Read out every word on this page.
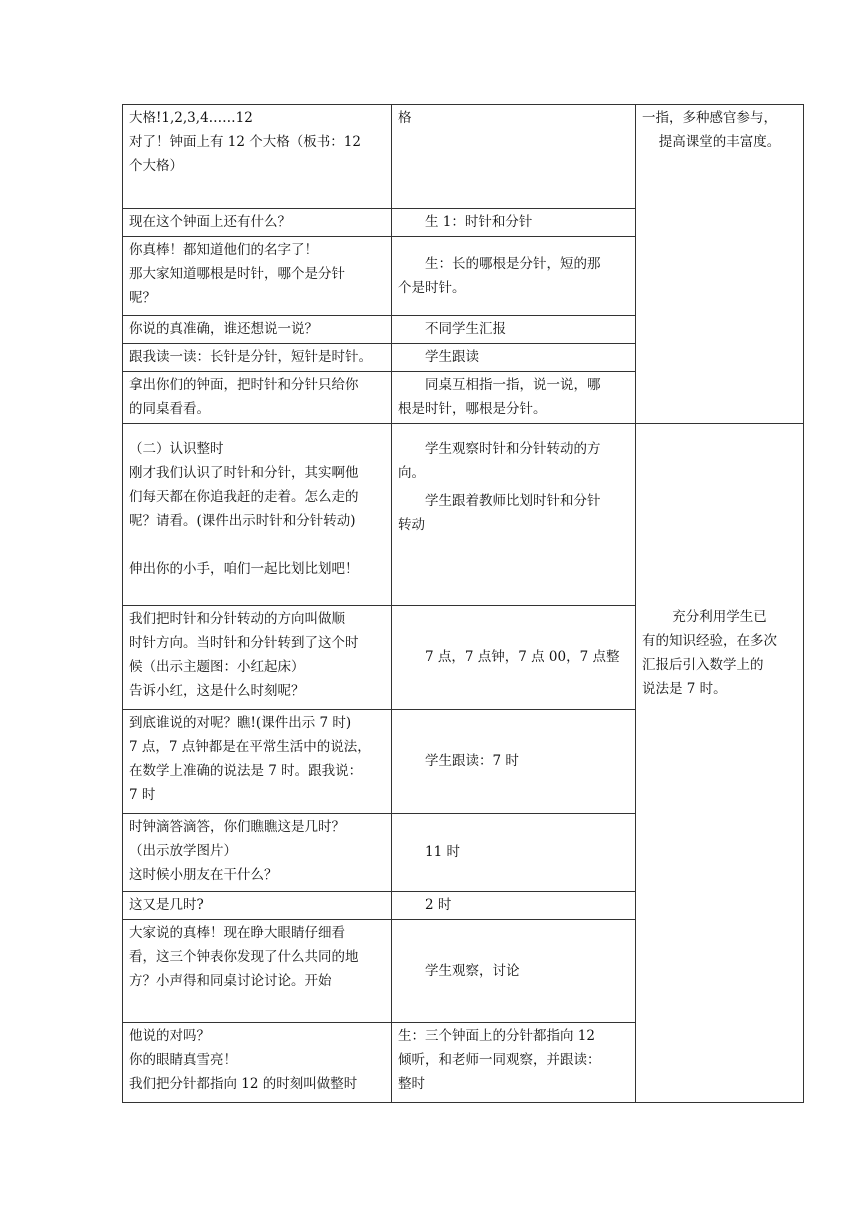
大格!1,2,3,4……12
对了！钟面上有 12 个大格（板书：12
个大格）	格	一指，多种感官参与，
提高课堂的丰富度。

现在这个钟面上还有什么？	生 1：时针和分针	

你真棒！都知道他们的名字了！
那大家知道哪根是时针，哪个是分针
呢？	生：长的哪根是分针，短的那
个是时针。	

你说的真准确，谁还想说一说？	不同学生汇报	

跟我读一读：长针是分针，短针是时针。	学生跟读	

拿出你们的钟面，把时针和分针只给你
的同桌看看。	同桌互相指一指，说一说，哪
根是时针，哪根是分针。	

（二）认识整时
刚才我们认识了时针和分针，其实啊他
们每天都在你追我赶的走着。怎么走的
呢？请看。(课件出示时针和分针转动)
伸出你的小手，咱们一起比划比划吧！	学生观察时针和分针转动的方
向。
学生跟着教师比划时针和分针
转动	充分利用学生已
有的知识经验，在多次
汇报后引入数学上的
说法是 7 时。

我们把时针和分针转动的方向叫做顺
时针方向。当时针和分针转到了这个时
候（出示主题图：小红起床）
告诉小红，这是什么时刻呢？	7 点，7 点钟，7 点 00，7 点整	

到底谁说的对呢？瞧!(课件出示 7 时)
7 点，7 点钟都是在平常生活中的说法，
在数学上准确的说法是 7 时。跟我说：
7 时	学生跟读：7 时	

时钟滴答滴答，你们瞧瞧这是几时？
（出示放学图片）
这时候小朋友在干什么？	11 时	

这又是几时?	2 时	

大家说的真棒！现在睁大眼睛仔细看
看，这三个钟表你发现了什么共同的地
方？小声得和同桌讨论讨论。开始	学生观察，讨论	

他说的对吗？
你的眼睛真雪亮！
我们把分针都指向 12 的时刻叫做整时	生：三个钟面上的分针都指向 12
倾听，和老师一同观察，并跟读：
整时	
